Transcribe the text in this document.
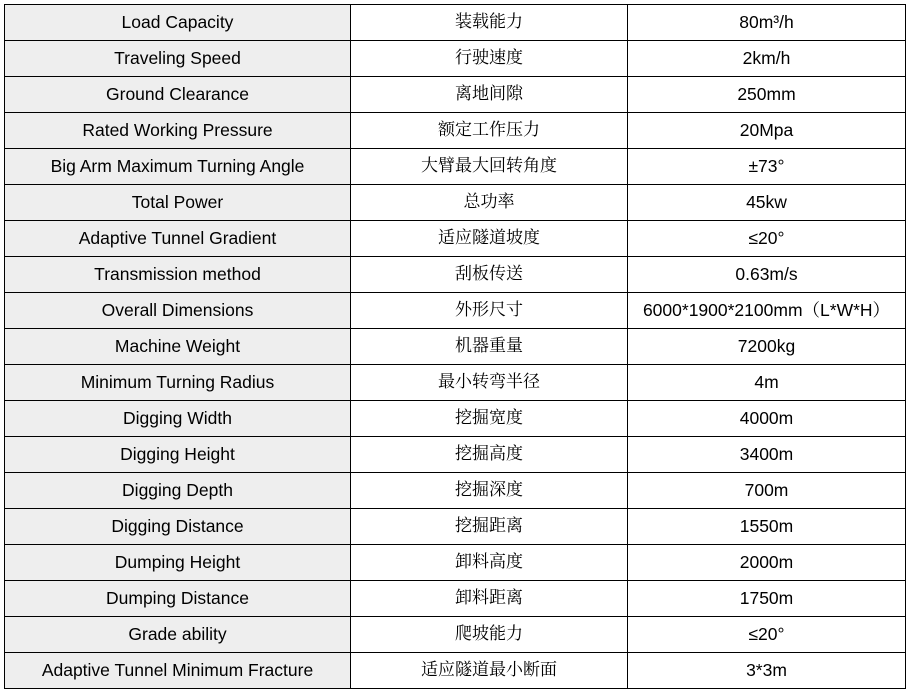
Load Capacity	装载能力	80m³/h
Traveling Speed	行驶速度	2km/h
Ground Clearance	离地间隙	250mm
Rated Working Pressure	额定工作压力	20Mpa
Big Arm Maximum Turning Angle	大臂最大回转角度	±73°
Total Power	总功率	45kw
Adaptive Tunnel Gradient	适应隧道坡度	≤20°
Transmission method	刮板传送	0.63m/s
Overall Dimensions	外形尺寸	6000*1900*2100mm（L*W*H）
Machine Weight	机器重量	7200kg
Minimum Turning Radius	最小转弯半径	4m
Digging Width	挖掘宽度	4000m
Digging Height	挖掘高度	3400m
Digging Depth	挖掘深度	700m
Digging Distance	挖掘距离	1550m
Dumping Height	卸料高度	2000m
Dumping Distance	卸料距离	1750m
Grade ability	爬坡能力	≤20°
Adaptive Tunnel Minimum Fracture	适应隧道最小断面	3*3m
